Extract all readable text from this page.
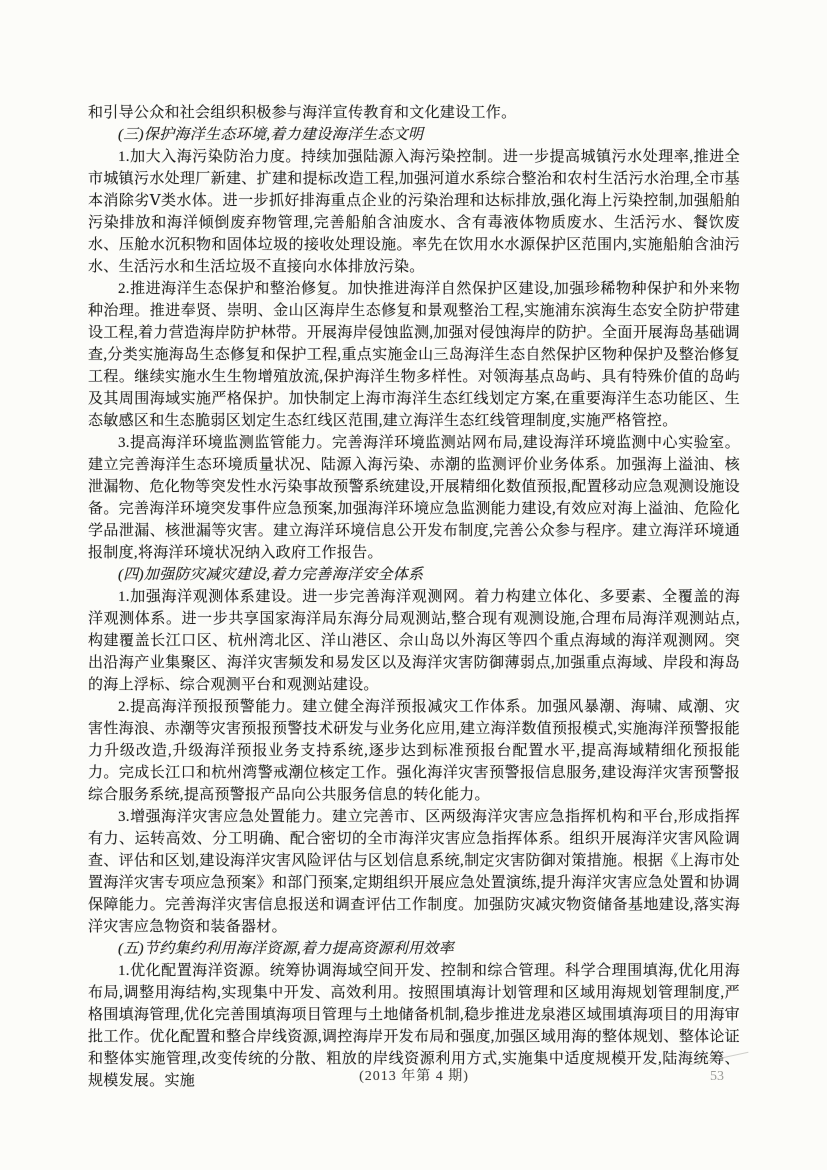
和引导公众和社会组织积极参与海洋宣传教育和文化建设工作。

(三)保护海洋生态环境,着力建设海洋生态文明

1.加大入海污染防治力度。持续加强陆源入海污染控制。进一步提高城镇污水处理率,推进全市城镇污水处理厂新建、扩建和提标改造工程,加强河道水系综合整治和农村生活污水治理,全市基本消除劣Ⅴ类水体。进一步抓好排海重点企业的污染治理和达标排放,强化海上污染控制,加强船舶污染排放和海洋倾倒废弃物管理,完善船舶含油废水、含有毒液体物质废水、生活污水、餐饮废水、压舱水沉积物和固体垃圾的接收处理设施。率先在饮用水水源保护区范围内,实施船舶含油污水、生活污水和生活垃圾不直接向水体排放污染。

2.推进海洋生态保护和整治修复。加快推进海洋自然保护区建设,加强珍稀物种保护和外来物种治理。推进奉贤、崇明、金山区海岸生态修复和景观整治工程,实施浦东滨海生态安全防护带建设工程,着力营造海岸防护林带。开展海岸侵蚀监测,加强对侵蚀海岸的防护。全面开展海岛基础调查,分类实施海岛生态修复和保护工程,重点实施金山三岛海洋生态自然保护区物种保护及整治修复工程。继续实施水生生物增殖放流,保护海洋生物多样性。对领海基点岛屿、具有特殊价值的岛屿及其周围海域实施严格保护。加快制定上海市海洋生态红线划定方案,在重要海洋生态功能区、生态敏感区和生态脆弱区划定生态红线区范围,建立海洋生态红线管理制度,实施严格管控。

3.提高海洋环境监测监管能力。完善海洋环境监测站网布局,建设海洋环境监测中心实验室。建立完善海洋生态环境质量状况、陆源入海污染、赤潮的监测评价业务体系。加强海上溢油、核泄漏物、危化物等突发性水污染事故预警系统建设,开展精细化数值预报,配置移动应急观测设施设备。完善海洋环境突发事件应急预案,加强海洋环境应急监测能力建设,有效应对海上溢油、危险化学品泄漏、核泄漏等灾害。建立海洋环境信息公开发布制度,完善公众参与程序。建立海洋环境通报制度,将海洋环境状况纳入政府工作报告。

(四)加强防灾减灾建设,着力完善海洋安全体系

1.加强海洋观测体系建设。进一步完善海洋观测网。着力构建立体化、多要素、全覆盖的海洋观测体系。进一步共享国家海洋局东海分局观测站,整合现有观测设施,合理布局海洋观测站点,构建覆盖长江口区、杭州湾北区、洋山港区、佘山岛以外海区等四个重点海域的海洋观测网。突出沿海产业集聚区、海洋灾害频发和易发区以及海洋灾害防御薄弱点,加强重点海域、岸段和海岛的海上浮标、综合观测平台和观测站建设。

2.提高海洋预报预警能力。建立健全海洋预报减灾工作体系。加强风暴潮、海啸、咸潮、灾害性海浪、赤潮等灾害预报预警技术研发与业务化应用,建立海洋数值预报模式,实施海洋预警报能力升级改造,升级海洋预报业务支持系统,逐步达到标准预报台配置水平,提高海域精细化预报能力。完成长江口和杭州湾警戒潮位核定工作。强化海洋灾害预警报信息服务,建设海洋灾害预警报综合服务系统,提高预警报产品向公共服务信息的转化能力。

3.增强海洋灾害应急处置能力。建立完善市、区两级海洋灾害应急指挥机构和平台,形成指挥有力、运转高效、分工明确、配合密切的全市海洋灾害应急指挥体系。组织开展海洋灾害风险调查、评估和区划,建设海洋灾害风险评估与区划信息系统,制定灾害防御对策措施。根据《上海市处置海洋灾害专项应急预案》和部门预案,定期组织开展应急处置演练,提升海洋灾害应急处置和协调保障能力。完善海洋灾害信息报送和调查评估工作制度。加强防灾减灾物资储备基地建设,落实海洋灾害应急物资和装备器材。

(五)节约集约利用海洋资源,着力提高资源利用效率

1.优化配置海洋资源。统筹协调海域空间开发、控制和综合管理。科学合理围填海,优化用海布局,调整用海结构,实现集中开发、高效利用。按照围填海计划管理和区域用海规划管理制度,严格围填海管理,优化完善围填海项目管理与土地储备机制,稳步推进龙泉港区域围填海项目的用海审批工作。优化配置和整合岸线资源,调控海岸开发布局和强度,加强区域用海的整体规划、整体论证和整体实施管理,改变传统的分散、粗放的岸线资源利用方式,实施集中适度规模开发,陆海统筹、规模发展。实施	(2013 年第 4 期)	53
